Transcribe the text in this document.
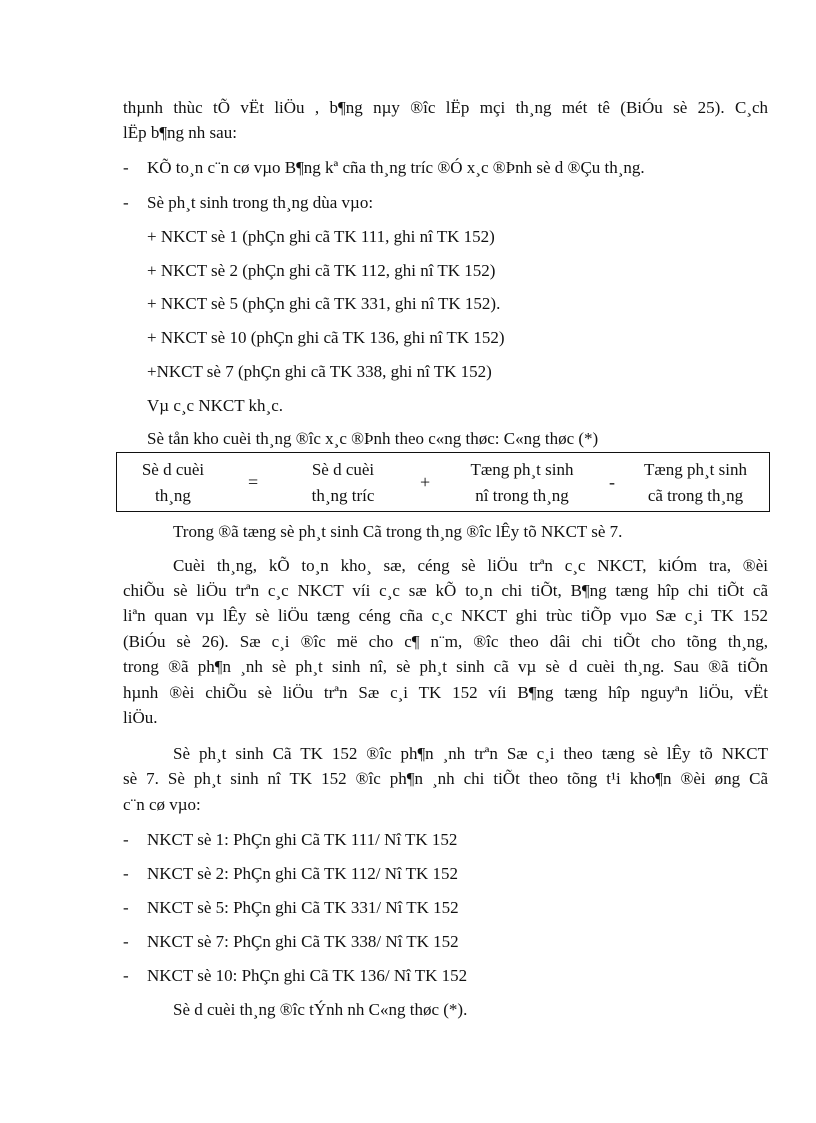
thµnh thùc tÕ vËt liÖu , b¶ng nµy ®îc lËp mçi th¸ng mét tê (BiÓu sè 25). C¸ch
lËp b¶ng nh sau:
- KÕ to¸n c¨n cø vµo B¶ng kª cña th¸ng tríc ®Ó x¸c ®Þnh sè d ®Çu th¸ng.
- Sè ph¸t sinh trong th¸ng dùa vµo:
+ NKCT sè 1 (phÇn ghi cã TK 111, ghi nî TK 152)
+ NKCT sè 2 (phÇn ghi cã TK 112, ghi nî TK 152)
+ NKCT sè 5 (phÇn ghi cã TK 331, ghi nî TK 152).
+ NKCT sè 10 (phÇn ghi cã TK 136, ghi nî TK 152)
+NKCT sè 7 (phÇn ghi cã TK 338, ghi nî TK 152)
Vµ c¸c NKCT kh¸c.
Sè tån kho cuèi th¸ng ®îc x¸c ®Þnh theo c«ng thøc: C«ng thøc (*)
Sè d cuèi
th¸ng
=
Sè d cuèi
th¸ng tríc
+
Tæng ph¸t sinh
nî trong th¸ng
-
Tæng ph¸t sinh
cã trong th¸ng
Trong ®ã tæng sè ph¸t sinh Cã trong th¸ng ®îc lÊy tõ NKCT sè 7.
Cuèi th¸ng, kÕ to¸n kho¸ sæ, céng sè liÖu trªn c¸c NKCT, kiÓm tra, ®èi
chiÕu sè liÖu trªn c¸c NKCT víi c¸c sæ kÕ to¸n chi tiÕt, B¶ng tæng hîp chi tiÕt cã
liªn quan vµ lÊy sè liÖu tæng céng cña c¸c NKCT ghi trùc tiÕp vµo Sæ c¸i TK 152
(BiÓu sè 26). Sæ c¸i ®îc më cho c¶ n¨m, ®îc theo dâi chi tiÕt cho tõng th¸ng,
trong ®ã ph¶n ¸nh sè ph¸t sinh nî, sè ph¸t sinh cã vµ sè d cuèi th¸ng. Sau ®ã tiÕn
hµnh ®èi chiÕu sè liÖu trªn Sæ c¸i TK 152 víi B¶ng tæng hîp nguyªn liÖu, vËt
liÖu.
Sè ph¸t sinh Cã TK 152 ®îc ph¶n ¸nh trªn Sæ c¸i theo tæng sè lÊy tõ NKCT
sè 7. Sè ph¸t sinh nî TK 152 ®îc ph¶n ¸nh chi tiÕt theo tõng t¹i kho¶n ®èi øng Cã
c¨n cø vµo:
- NKCT sè 1: PhÇn ghi Cã TK 111/ Nî TK 152
- NKCT sè 2: PhÇn ghi Cã TK 112/ Nî TK 152
- NKCT sè 5: PhÇn ghi Cã TK 331/ Nî TK 152
- NKCT sè 7: PhÇn ghi Cã TK 338/ Nî TK 152
- NKCT sè 10: PhÇn ghi Cã TK 136/ Nî TK 152
Sè d cuèi th¸ng ®îc tÝnh nh C«ng thøc (*).
